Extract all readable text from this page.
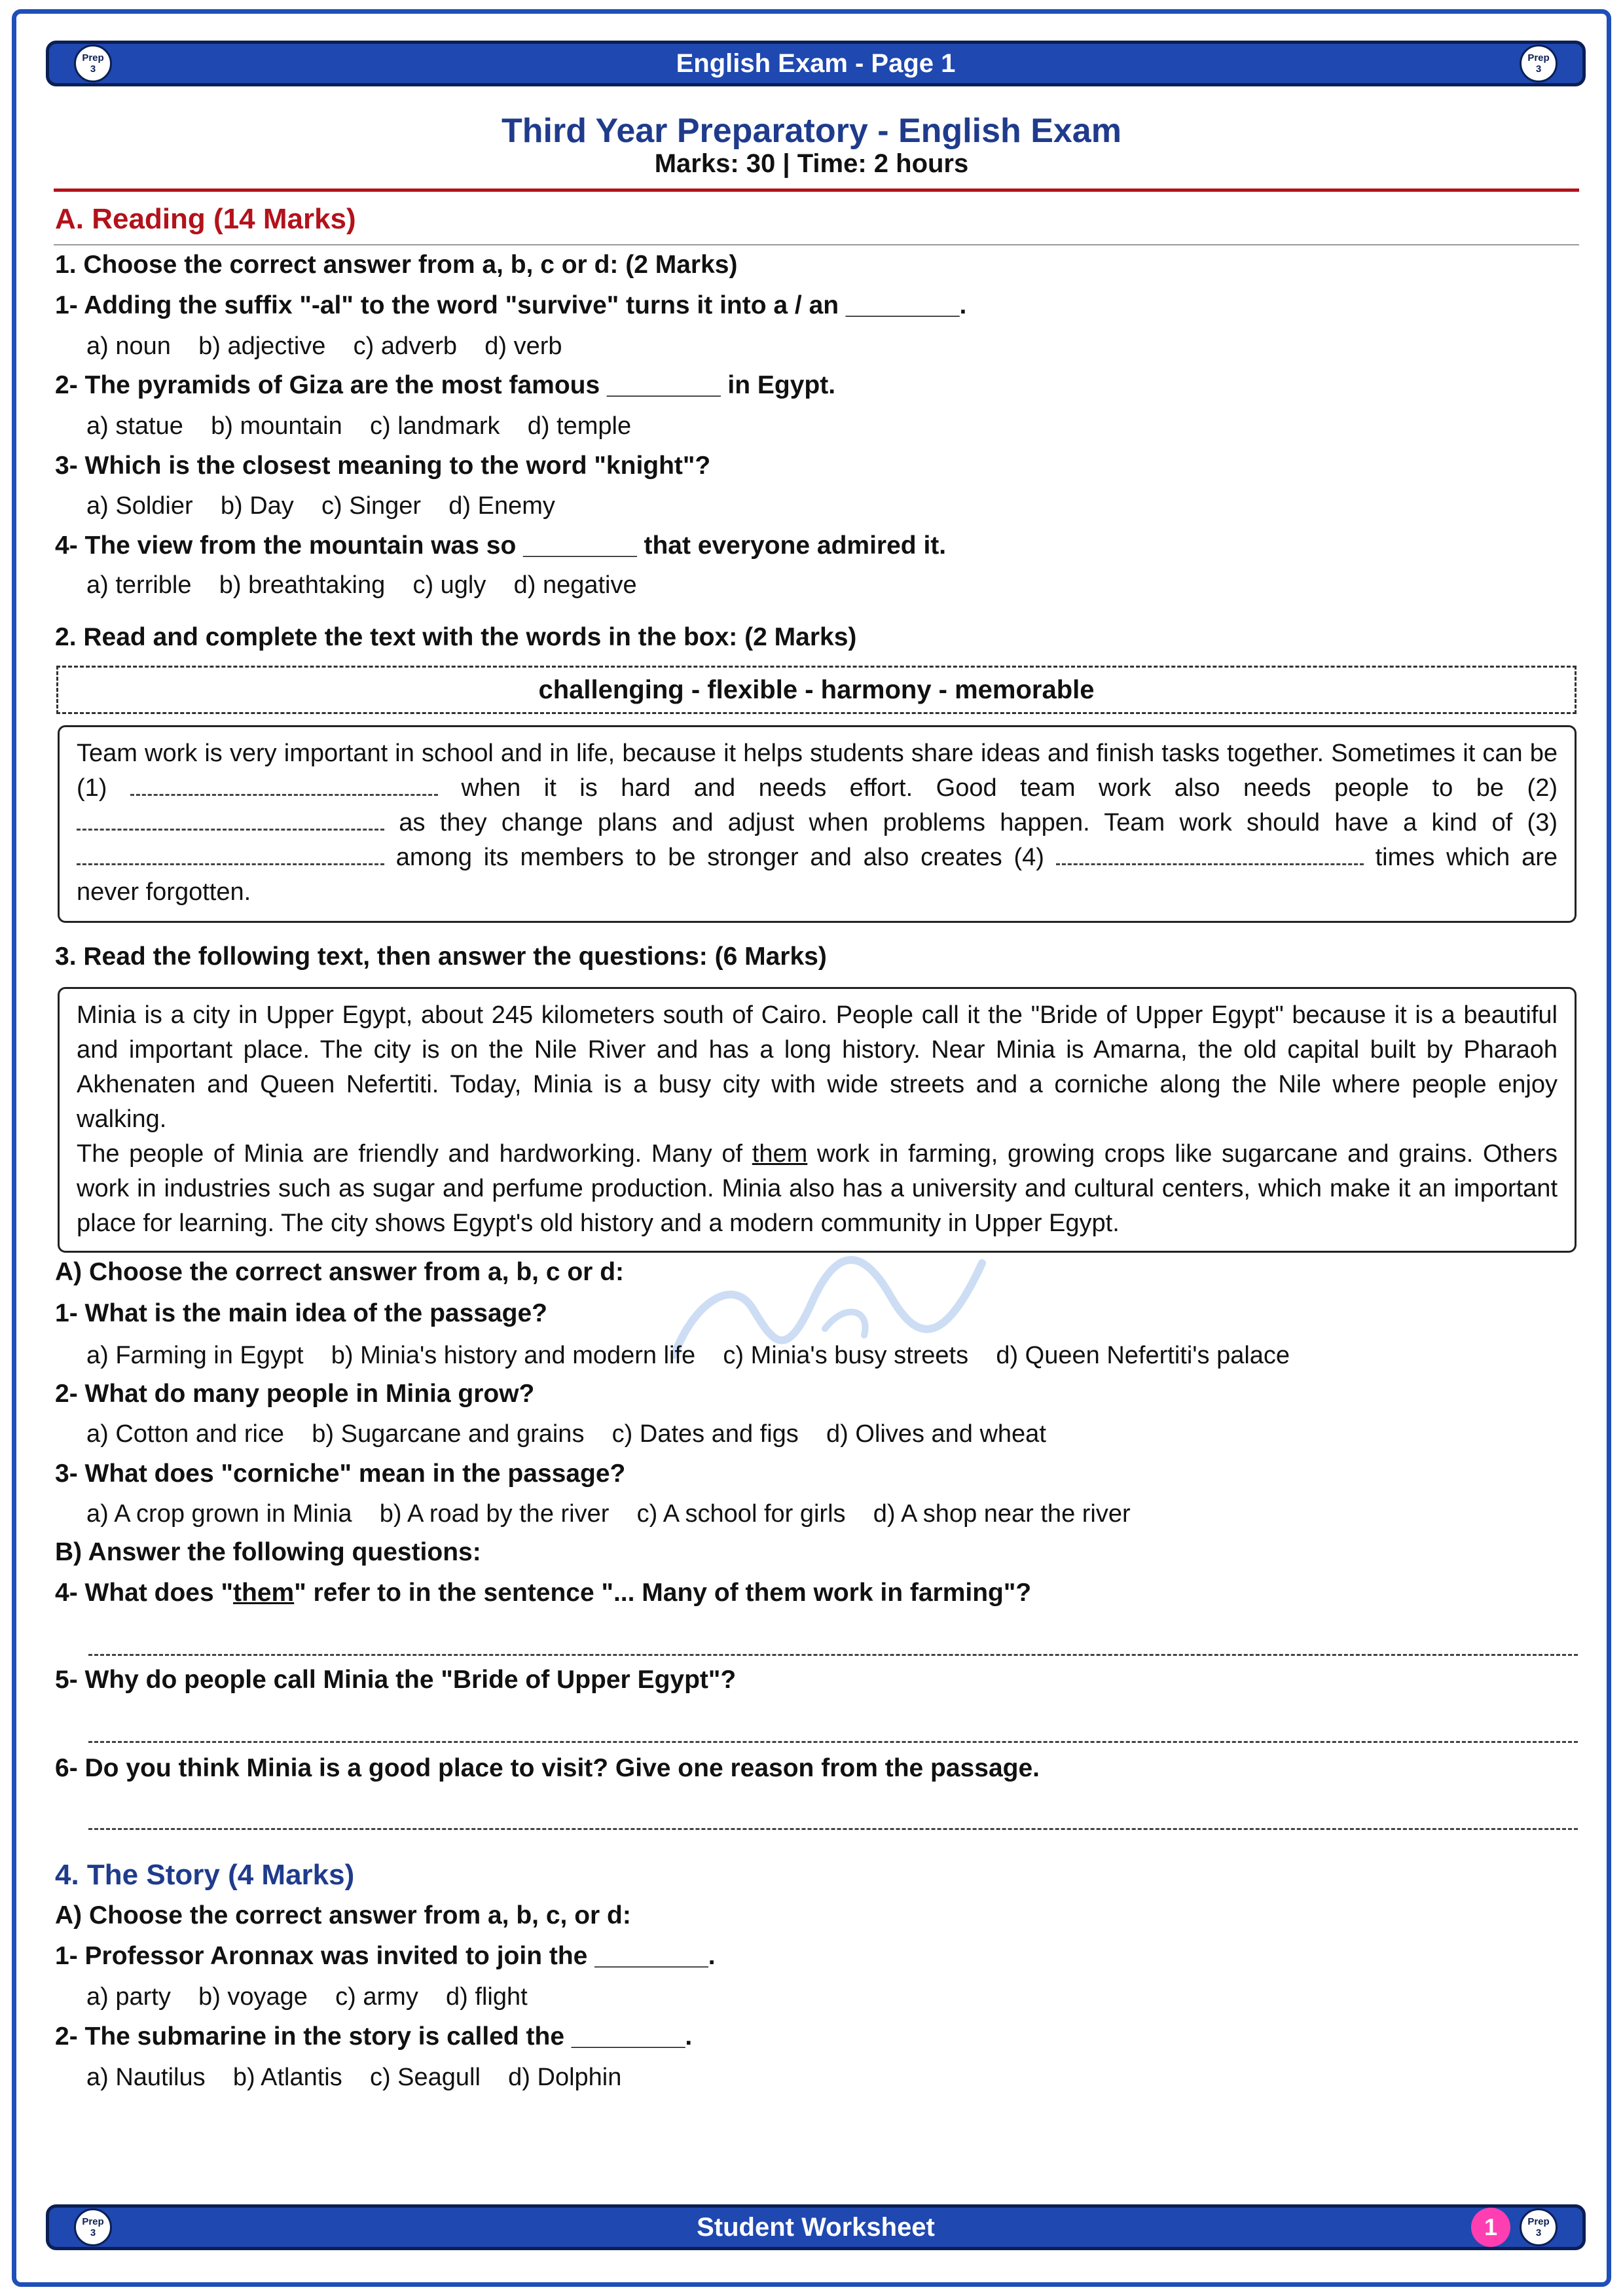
Prep
3	English Exam - Page 1	Prep
3
Third Year Preparatory - English Exam
Marks: 30 | Time: 2 hours
A. Reading (14 Marks)
1. Choose the correct answer from a, b, c or d: (2 Marks)
1- Adding the suffix "-al" to the word "survive" turns it into a / an ________.
a) noun    b) adjective    c) adverb    d) verb
2- The pyramids of Giza are the most famous ________ in Egypt.
a) statue    b) mountain    c) landmark    d) temple
3- Which is the closest meaning to the word "knight"?
a) Soldier    b) Day    c) Singer    d) Enemy
4- The view from the mountain was so ________ that everyone admired it.
a) terrible    b) breathtaking    c) ugly    d) negative
2. Read and complete the text with the words in the box: (2 Marks)
challenging - flexible - harmony - memorable
Team work is very important in school and in life, because it helps students share ideas and finish tasks together. Sometimes it can be (1)	when it is hard and needs effort. Good team work also needs people to be (2)  as they change plans and adjust when problems happen. Team work should have a kind of (3)  among its members to be stronger and also creates (4)	times which are never forgotten.
3. Read the following text, then answer the questions: (6 Marks)
Minia is a city in Upper Egypt, about 245 kilometers south of Cairo. People call it the "Bride of Upper Egypt" because it is a beautiful and important place. The city is on the Nile River and has a long history. Near Minia is Amarna, the old capital built by Pharaoh Akhenaten and Queen Nefertiti. Today, Minia is a busy city with wide streets and a corniche along the Nile where people enjoy walking.
The people of Minia are friendly and hardworking. Many of them work in farming, growing crops like sugarcane and grains. Others work in industries such as sugar and perfume production. Minia also has a university and cultural centers, which make it an important place for learning. The city shows Egypt's old history and a modern community in Upper Egypt.
A) Choose the correct answer from a, b, c or d:
1- What is the main idea of the passage?
a) Farming in Egypt    b) Minia's history and modern life    c) Minia's busy streets    d) Queen Nefertiti's palace
2- What do many people in Minia grow?
a) Cotton and rice    b) Sugarcane and grains    c) Dates and figs    d) Olives and wheat
3- What does "corniche" mean in the passage?
a) A crop grown in Minia    b) A road by the river    c) A school for girls    d) A shop near the river
B) Answer the following questions:
4- What does "them" refer to in the sentence "... Many of them work in farming"?
5- Why do people call Minia the "Bride of Upper Egypt"?
6- Do you think Minia is a good place to visit? Give one reason from the passage.
4. The Story (4 Marks)
A) Choose the correct answer from a, b, c, or d:
1- Professor Aronnax was invited to join the ________.
a) party    b) voyage    c) army    d) flight
2- The submarine in the story is called the ________.
a) Nautilus    b) Atlantis    c) Seagull    d) Dolphin
Prep
3	Student Worksheet	1	Prep
3
